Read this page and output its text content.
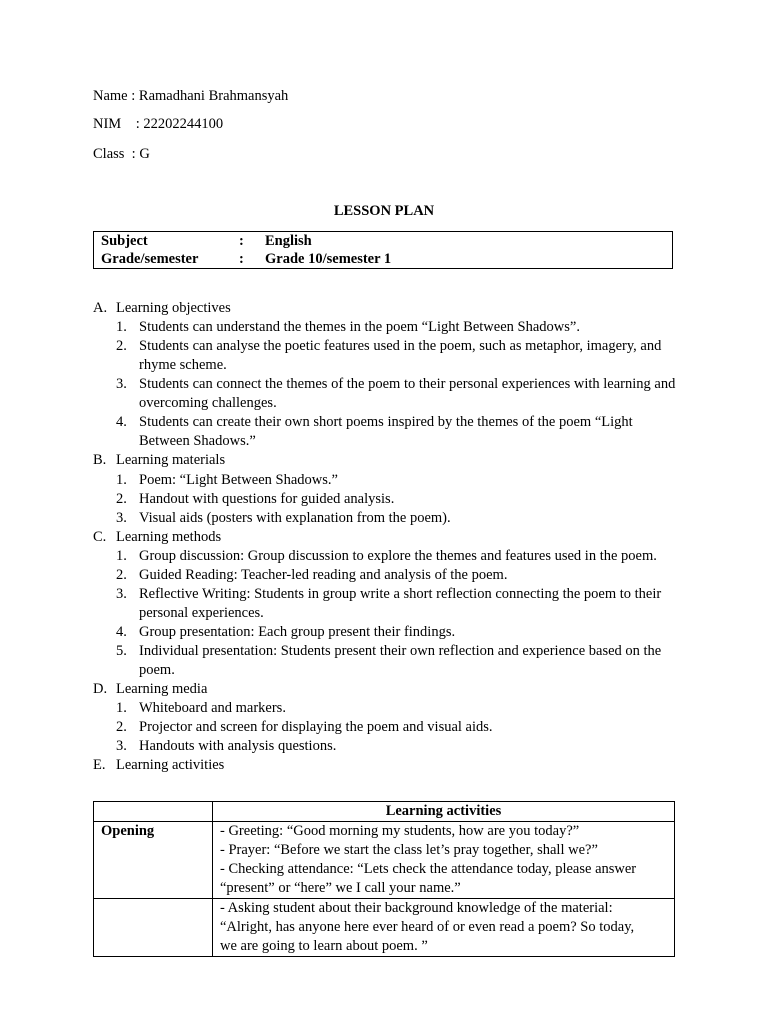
Name : Ramadhani Brahmansyah
NIM    : 22202244100
Class  : G
LESSON PLAN
Subject	: English
Grade/semester	: Grade 10/semester 1
A. Learning objectives
1. Students can understand the themes in the poem “Light Between Shadows”.
2. Students can analyse the poetic features used in the poem, such as metaphor, imagery, and rhyme scheme.
3. Students can connect the themes of the poem to their personal experiences with learning and overcoming challenges.
4. Students can create their own short poems inspired by the themes of the poem “Light Between Shadows.”
B. Learning materials
1. Poem: “Light Between Shadows.”
2. Handout with questions for guided analysis.
3. Visual aids (posters with explanation from the poem).
C. Learning methods
1. Group discussion: Group discussion to explore the themes and features used in the poem.
2. Guided Reading: Teacher-led reading and analysis of the poem.
3. Reflective Writing: Students in group write a short reflection connecting the poem to their personal experiences.
4. Group presentation: Each group present their findings.
5. Individual presentation: Students present their own reflection and experience based on the poem.
D. Learning media
1. Whiteboard and markers.
2. Projector and screen for displaying the poem and visual aids.
3. Handouts with analysis questions.
E. Learning activities
	Learning activities
Opening	- Greeting: “Good morning my students, how are you today?”
- Prayer: “Before we start the class let’s pray together, shall we?”
- Checking attendance: “Lets check the attendance today, please answer “present” or “here” we I call your name.”

	- Asking student about their background knowledge of the material: “Alright, has anyone here ever heard of or even read a poem? So today,
we are going to learn about poem. ”
